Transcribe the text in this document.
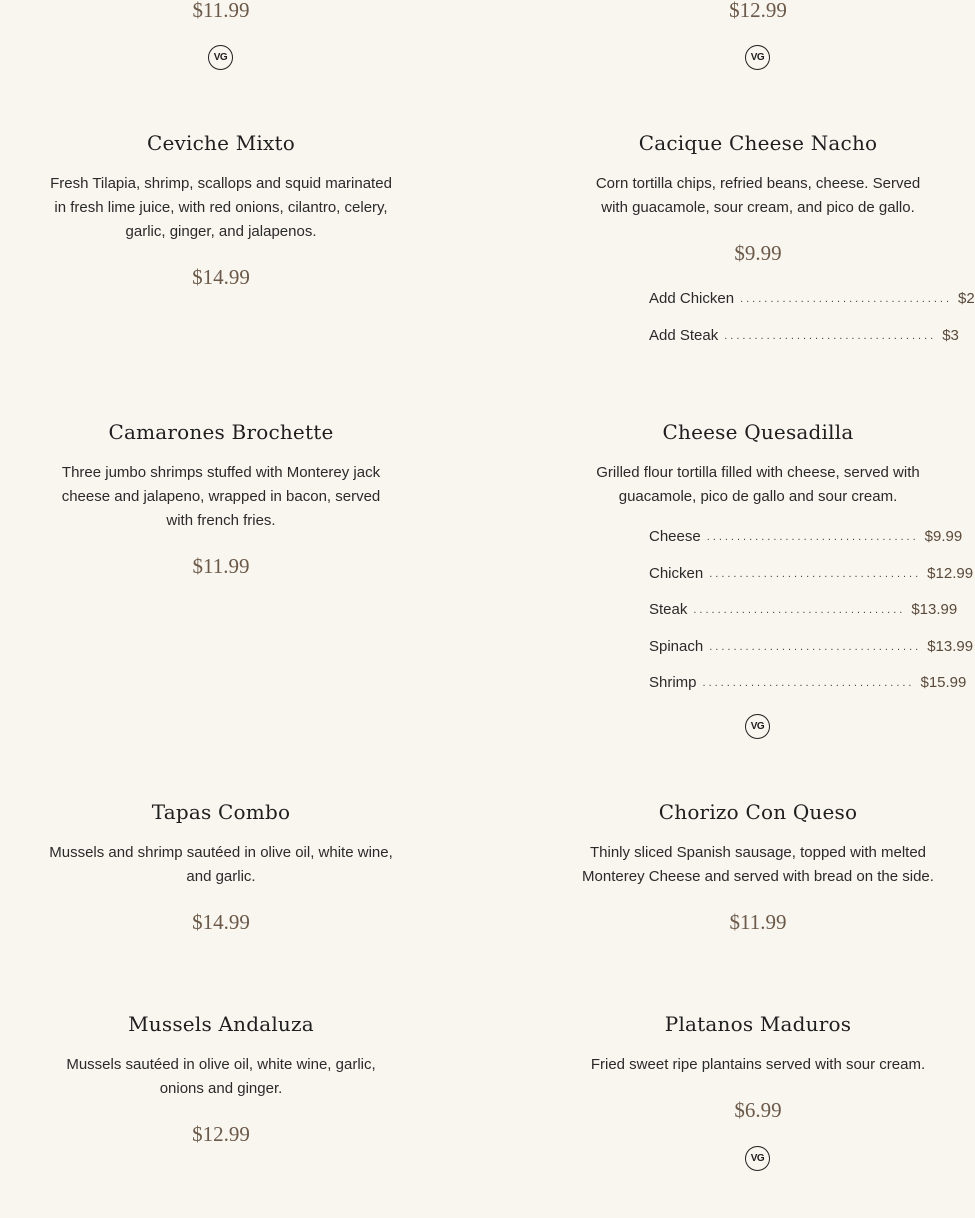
$11.99
VG
$12.99
VG
Ceviche Mixto
Fresh Tilapia, shrimp, scallops and squid marinated
in fresh lime juice, with red onions, cilantro, celery,
garlic, ginger, and jalapenos.
$14.99
Cacique Cheese Nacho
Corn tortilla chips, refried beans, cheese. Served
with guacamole, sour cream, and pico de gallo.
$9.99
Add Chicken ................................... $2
Add Steak ................................... $3
Camarones Brochette
Three jumbo shrimps stuffed with Monterey jack
cheese and jalapeno, wrapped in bacon, served
with french fries.
$11.99
Cheese Quesadilla
Grilled flour tortilla filled with cheese, served with
guacamole, pico de gallo and sour cream.
Cheese ................................... $9.99
Chicken ................................... $12.99
Steak ................................... $13.99
Spinach ................................... $13.99
Shrimp ................................... $15.99
VG
Tapas Combo
Mussels and shrimp sautéed in olive oil, white wine,
and garlic.
$14.99
Chorizo Con Queso
Thinly sliced Spanish sausage, topped with melted
Monterey Cheese and served with bread on the side.
$11.99
Mussels Andaluza
Mussels sautéed in olive oil, white wine, garlic,
onions and ginger.
$12.99
Platanos Maduros
Fried sweet ripe plantains served with sour cream.
$6.99
VG
